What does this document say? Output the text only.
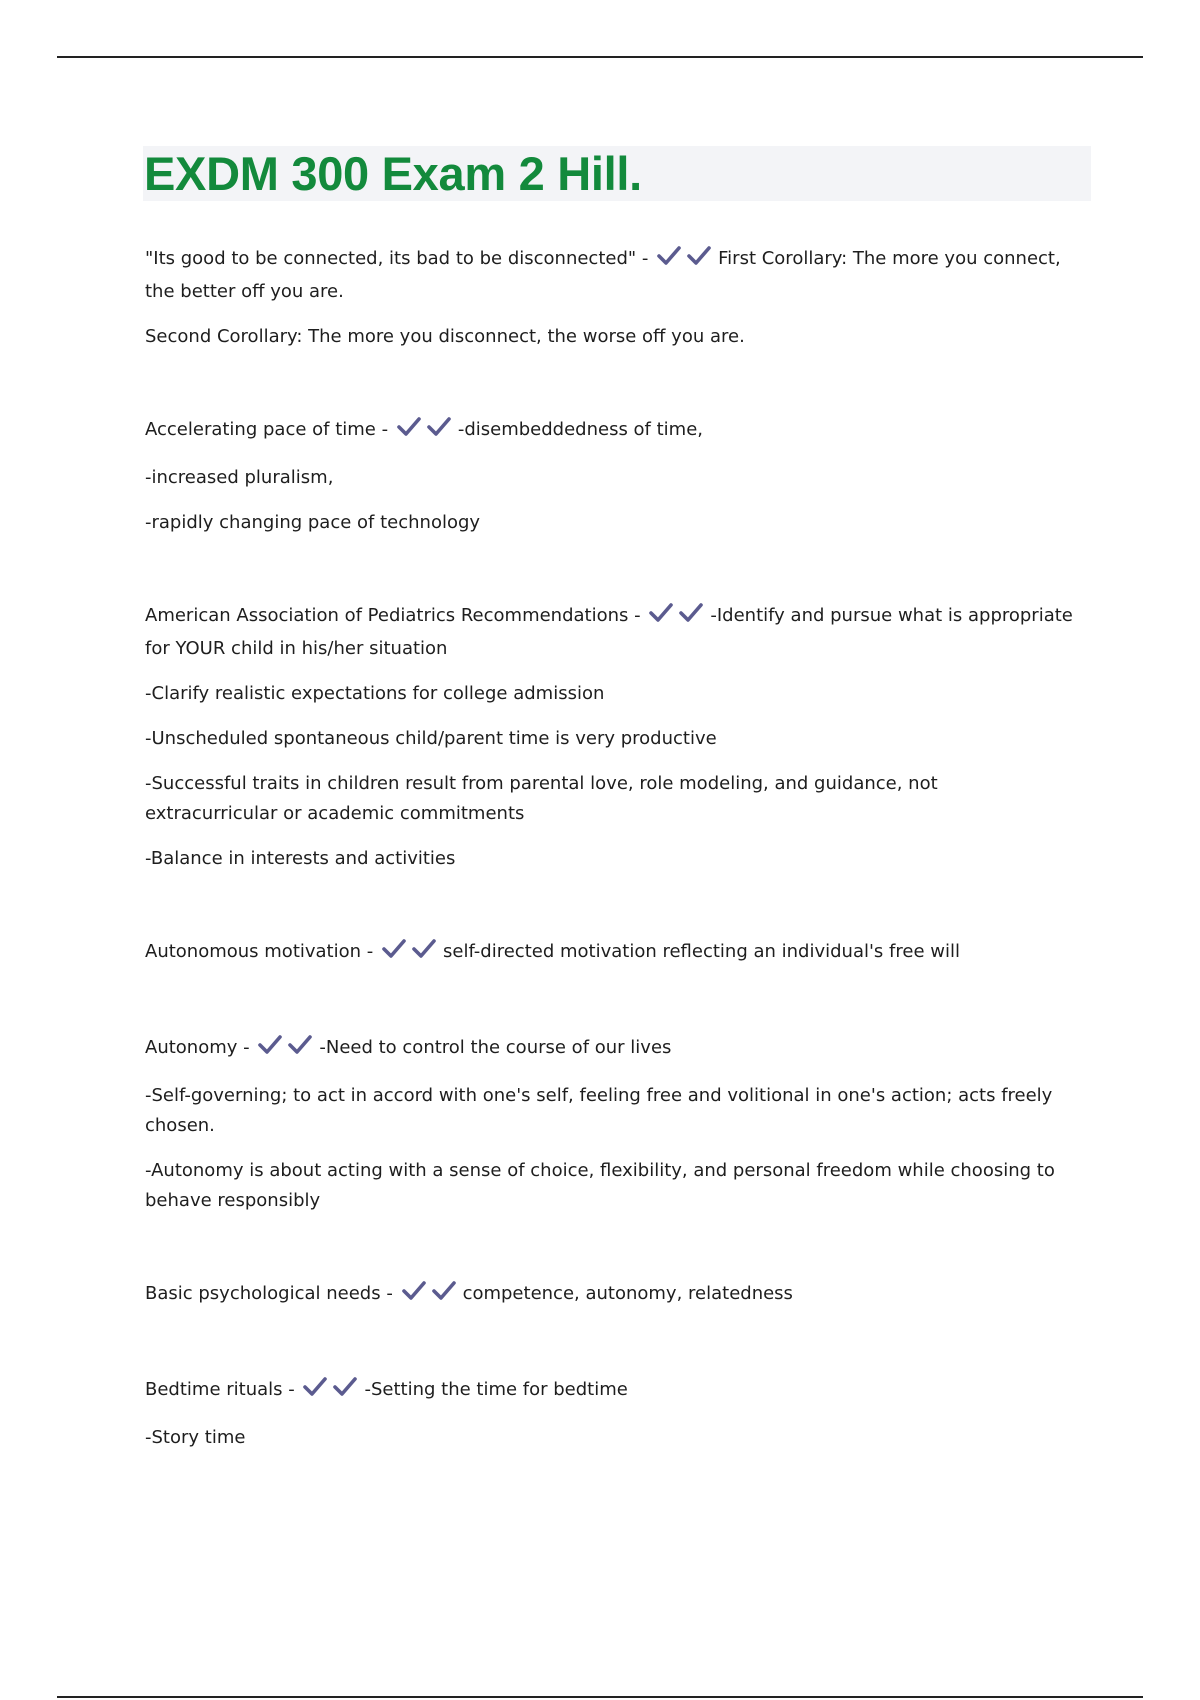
EXDM 300 Exam 2 Hill.

"Its good to be connected, its bad to be disconnected" -	First Corollary: The more you connect, the better off you are.

Second Corollary: The more you disconnect, the worse off you are.

Accelerating pace of time -	-disembeddedness of time,

-increased pluralism,

-rapidly changing pace of technology

American Association of Pediatrics Recommendations -	-Identify and pursue what is appropriate for YOUR child in his/her situation

-Clarify realistic expectations for college admission

-Unscheduled spontaneous child/parent time is very productive

-Successful traits in children result from parental love, role modeling, and guidance, not extracurricular or academic commitments

-Balance in interests and activities

Autonomous motivation -	self-directed motivation reflecting an individual's free will

Autonomy -	-Need to control the course of our lives

-Self-governing; to act in accord with one's self, feeling free and volitional in one's action; acts freely chosen.

-Autonomy is about acting with a sense of choice, flexibility, and personal freedom while choosing to behave responsibly

Basic psychological needs -	competence, autonomy, relatedness

Bedtime rituals -	-Setting the time for bedtime

-Story time
